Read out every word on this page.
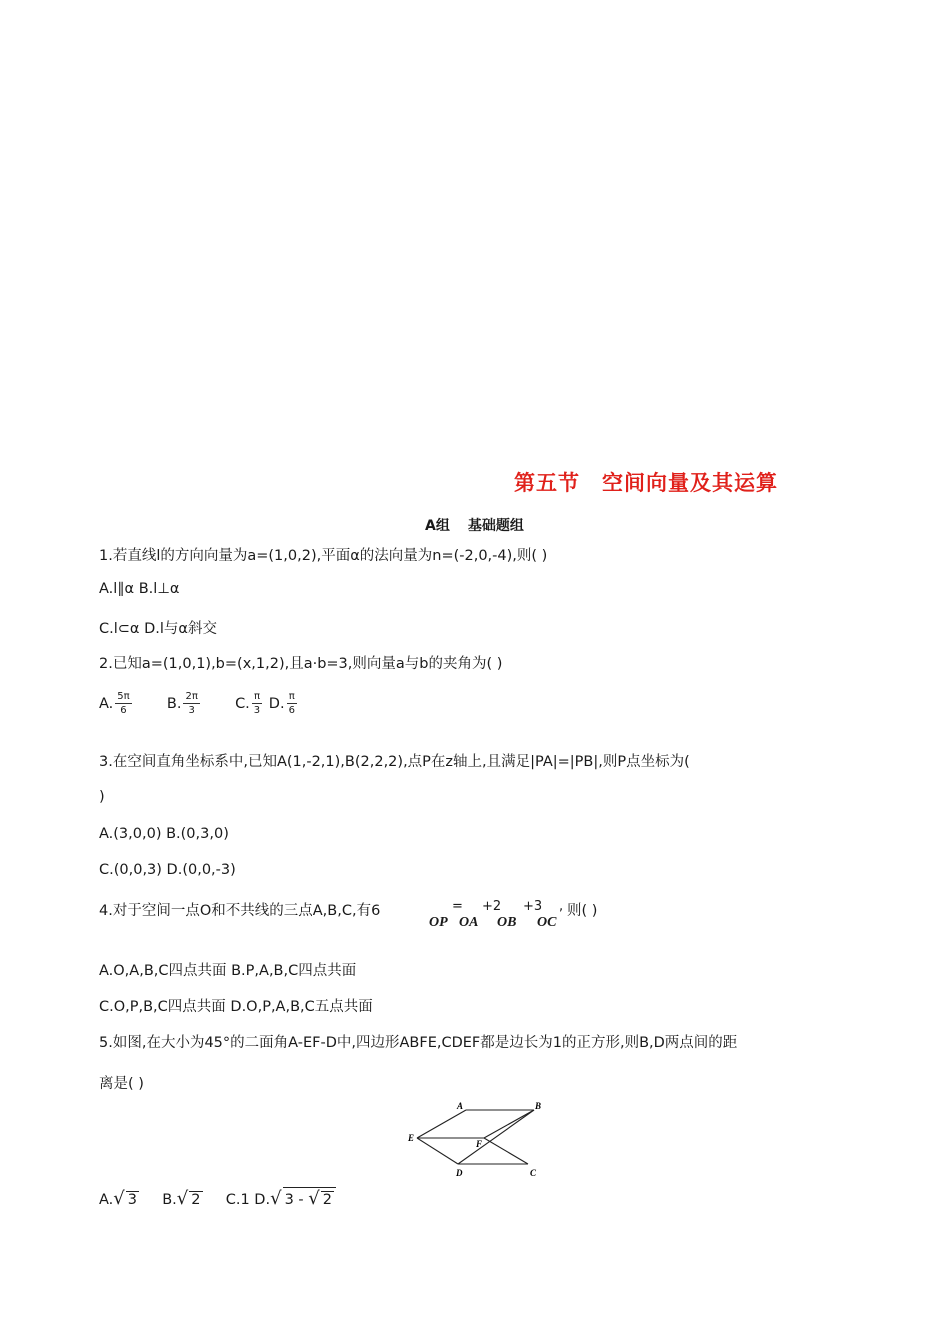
第五节 空间向量及其运算
A组 基础题组
1.若直线l的方向向量为a=(1,0,2),平面α的法向量为n=(-2,0,-4),则( )
A.l∥α B.l⊥α
C.l⊂α D.l与α斜交
2.已知a=(1,0,1),b=(x,1,2),且a·b=3,则向量a与b的夹角为( )
A. $\frac{5\pi}{6} B$. $\frac{2\pi}{3} C$. $\frac{\pi}{3} D$. $\frac{\pi}{6}$
3.在空间直角坐标系中,已知A(1,-2,1),B(2,2,2),点P在z轴上,且满足|PA|=|PB|,则P点坐标为(
)
A.(3,0,0) B.(0,3,0)
C.(0,0,3) D.(0,0,-3)
4.对于空间一点O和不共线的三点A,B,C,有6	= +2 +3 , 则( )
OP OA OB OC
A.O,A,B,C四点共面 B.P,A,B,C四点共面
C.O,P,B,C四点共面 D.O,P,A,B,C五点共面
5.如图,在大小为45°的二面角A-EF-D中,四边形ABFE,CDEF都是边长为1的正方形,则B,D两点间的距
离是( )
A	B
E
F
D	C
A.√ 3 B.√ 2 C.1 D.√ 3 - √ 2
